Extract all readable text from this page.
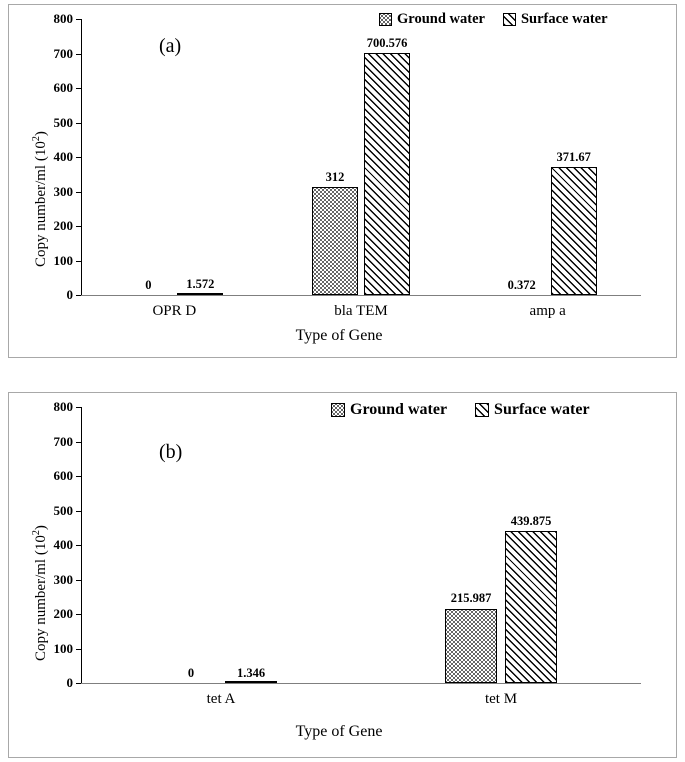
(a)
Ground water Surface water
Copy number/ml $(10^2)$
0
100
200
300
400
500
600
700
800
OPR D
0	1.572
bla TEM
312
700.576
amp a
0.372
371.67
Type of Gene
(b)
Ground water	Surface water
Copy number/ml $(10^2)$
0
100
200
300
400
500
600
700
800
tet A
0	1.346
tet M
215.987
439.875
Type of Gene
